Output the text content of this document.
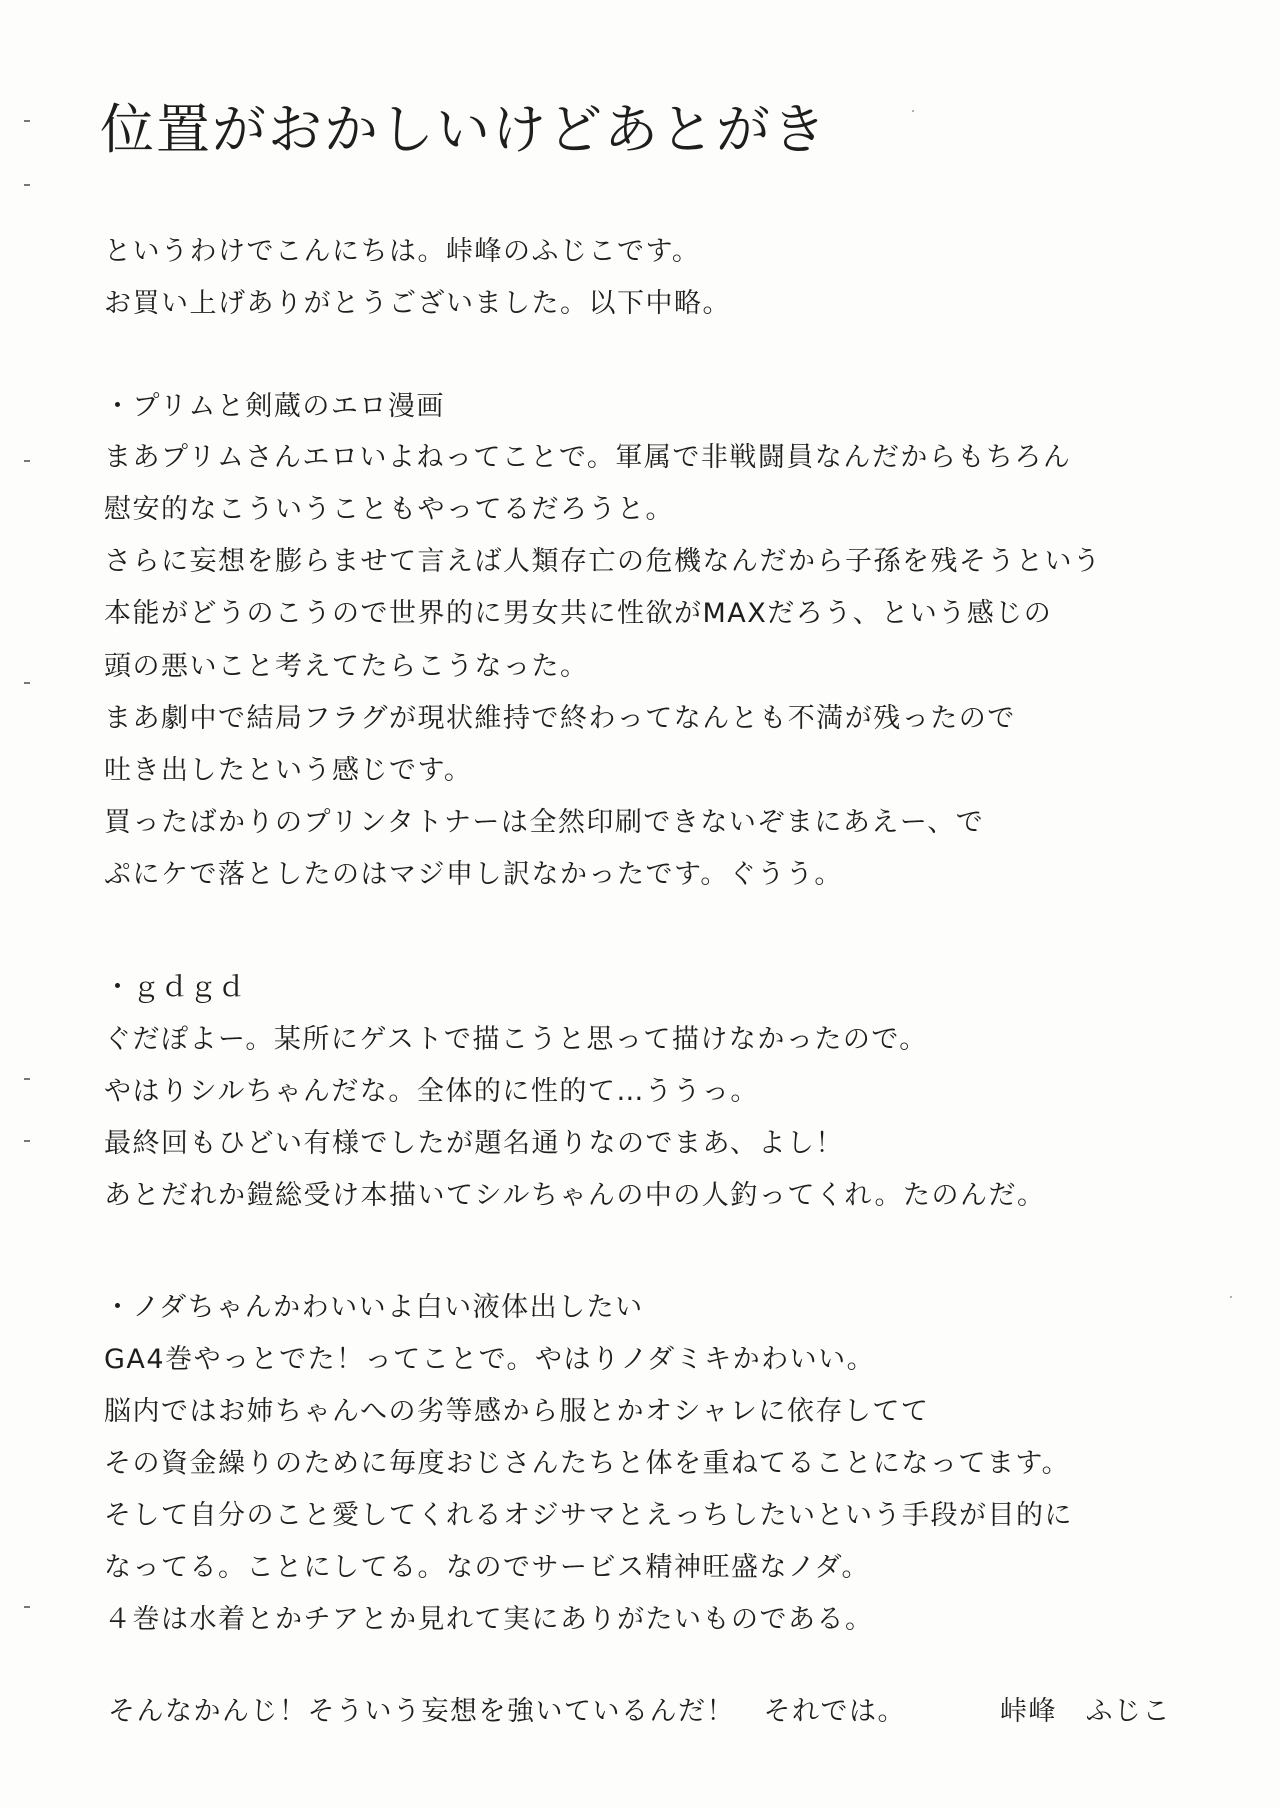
位置がおかしいけどあとがき
というわけでこんにちは。峠峰のふじこです。
お買い上げありがとうございました。以下中略。
・プリムと剣蔵のエロ漫画
まあプリムさんエロいよねってことで。軍属で非戦闘員なんだからもちろん
慰安的なこういうこともやってるだろうと。
さらに妄想を膨らませて言えば人類存亡の危機なんだから子孫を残そうという
本能がどうのこうので世界的に男女共に性欲がMAXだろう、という感じの
頭の悪いこと考えてたらこうなった。
まあ劇中で結局フラグが現状維持で終わってなんとも不満が残ったので
吐き出したという感じです。
買ったばかりのプリンタトナーは全然印刷できないぞまにあえー、で
ぷにケで落としたのはマジ申し訳なかったです。ぐうう。
・ｇｄｇｄ
ぐだぽよー。某所にゲストで描こうと思って描けなかったので。
やはりシルちゃんだな。全体的に性的て…ううっ。
最終回もひどい有様でしたが題名通りなのでまあ、よし！
あとだれか鎧総受け本描いてシルちゃんの中の人釣ってくれ。たのんだ。
・ノダちゃんかわいいよ白い液体出したい
GA4巻やっとでた！ってことで。やはりノダミキかわいい。
脳内ではお姉ちゃんへの劣等感から服とかオシャレに依存してて
その資金繰りのために毎度おじさんたちと体を重ねてることになってます。
そして自分のこと愛してくれるオジサマとえっちしたいという手段が目的に
なってる。ことにしてる。なのでサービス精神旺盛なノダ。
４巻は水着とかチアとか見れて実にありがたいものである。
そんなかんじ！そういう妄想を強いているんだ！　それでは。	峠峰　ふじこ
